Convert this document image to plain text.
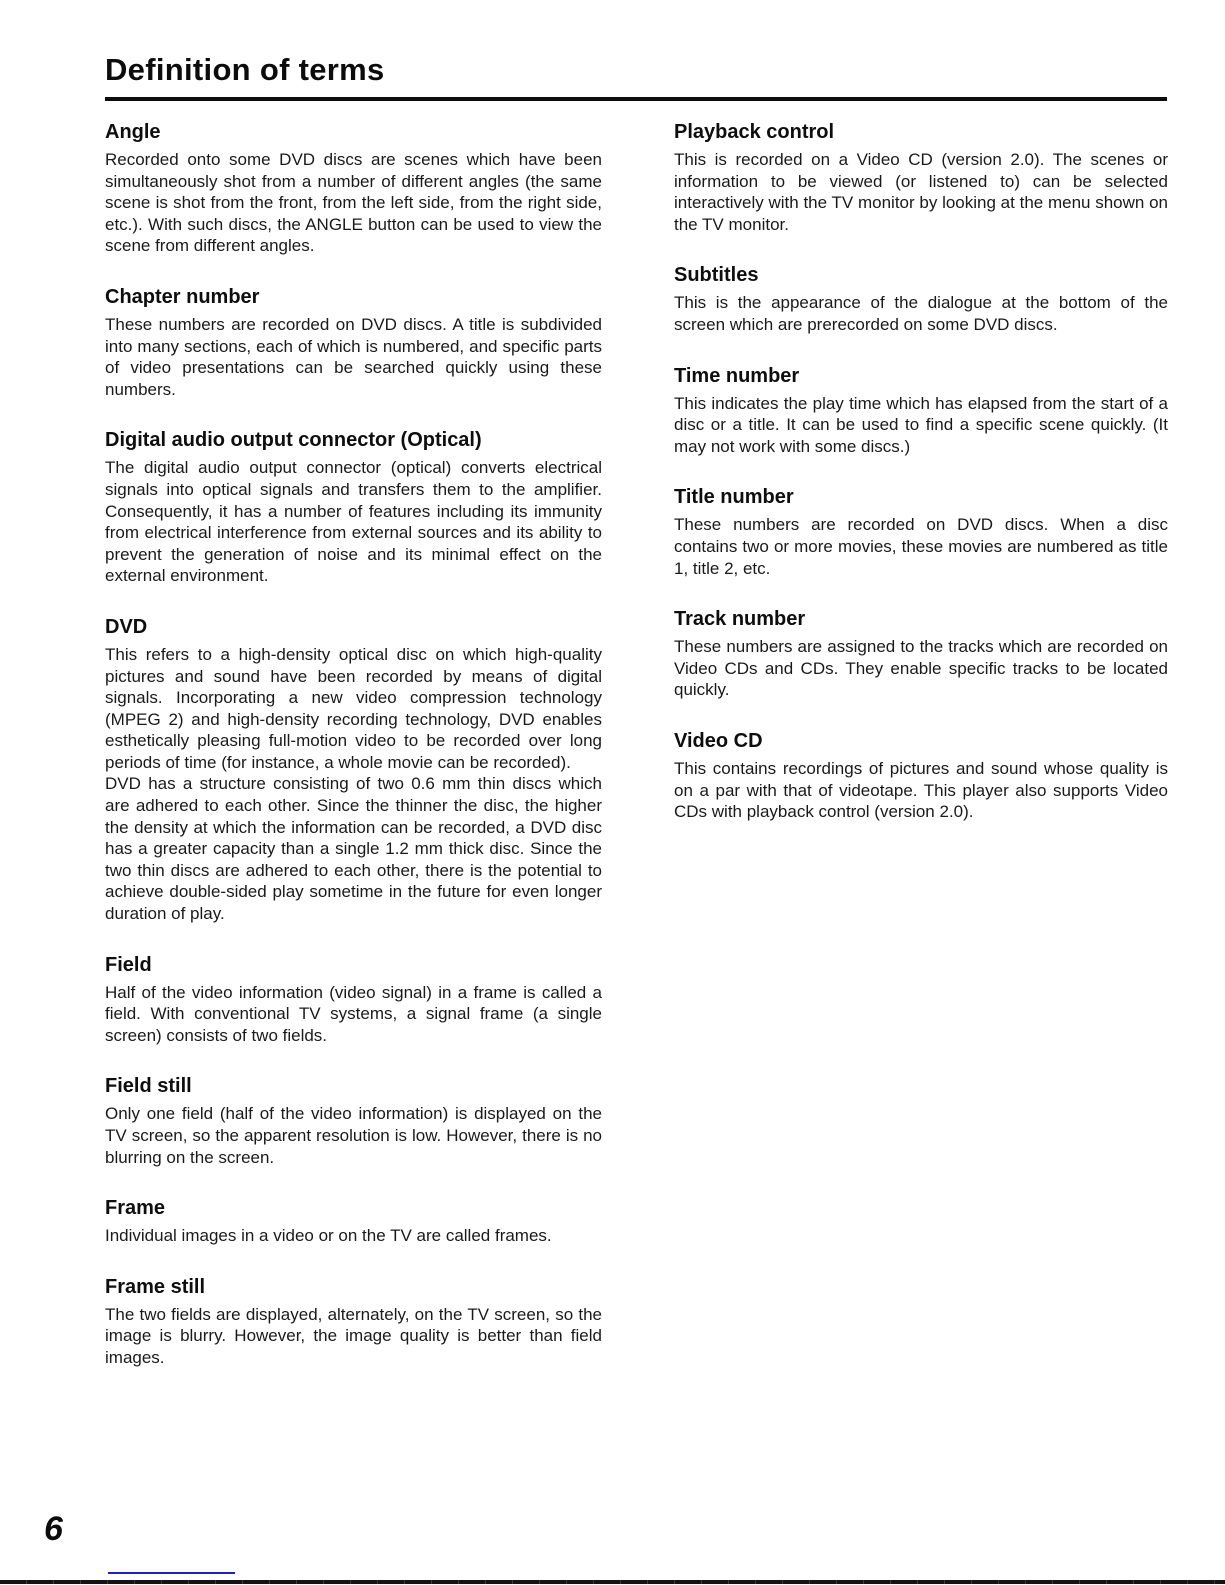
Definition of terms
Angle

Recorded onto some DVD discs are scenes which have been simultaneously shot from a number of different angles (the same scene is shot from the front, from the left side, from the right side, etc.). With such discs, the ANGLE button can be used to view the scene from different angles.

Chapter number

These numbers are recorded on DVD discs. A title is subdivided into many sections, each of which is numbered, and specific parts of video presentations can be searched quickly using these numbers.

Digital audio output connector (Optical)

The digital audio output connector (optical) converts electrical signals into optical signals and transfers them to the amplifier. Consequently, it has a number of features including its immunity from electrical interference from external sources and its ability to prevent the generation of noise and its minimal effect on the external environment.

DVD

This refers to a high-density optical disc on which high-quality pictures and sound have been recorded by means of digital signals. Incorporating a new video compression technology (MPEG 2) and high-density recording technology, DVD enables esthetically pleasing full-motion video to be recorded over long periods of time (for instance, a whole movie can be recorded).

DVD has a structure consisting of two 0.6 mm thin discs which are adhered to each other. Since the thinner the disc, the higher the density at which the information can be recorded, a DVD disc has a greater capacity than a single 1.2 mm thick disc. Since the two thin discs are adhered to each other, there is the potential to achieve double-sided play sometime in the future for even longer duration of play.

Field

Half of the video information (video signal) in a frame is called a field. With conventional TV systems, a signal frame (a single screen) consists of two fields.

Field still

Only one field (half of the video information) is displayed on the TV screen, so the apparent resolution is low. However, there is no blurring on the screen.

Frame

Individual images in a video or on the TV are called frames.

Frame still

The two fields are displayed, alternately, on the TV screen, so the image is blurry. However, the image quality is better than field images.

Playback control

This is recorded on a Video CD (version 2.0). The scenes or information to be viewed (or listened to) can be selected interactively with the TV monitor by looking at the menu shown on the TV monitor.

Subtitles

This is the appearance of the dialogue at the bottom of the screen which are prerecorded on some DVD discs.

Time number

This indicates the play time which has elapsed from the start of a disc or a title. It can be used to find a specific scene quickly. (It may not work with some discs.)

Title number

These numbers are recorded on DVD discs. When a disc contains two or more movies, these movies are numbered as title 1, title 2, etc.

Track number

These numbers are assigned to the tracks which are recorded on Video CDs and CDs. They enable specific tracks to be located quickly.

Video CD

This contains recordings of pictures and sound whose quality is on a par with that of videotape. This player also supports Video CDs with playback control (version 2.0).

6
